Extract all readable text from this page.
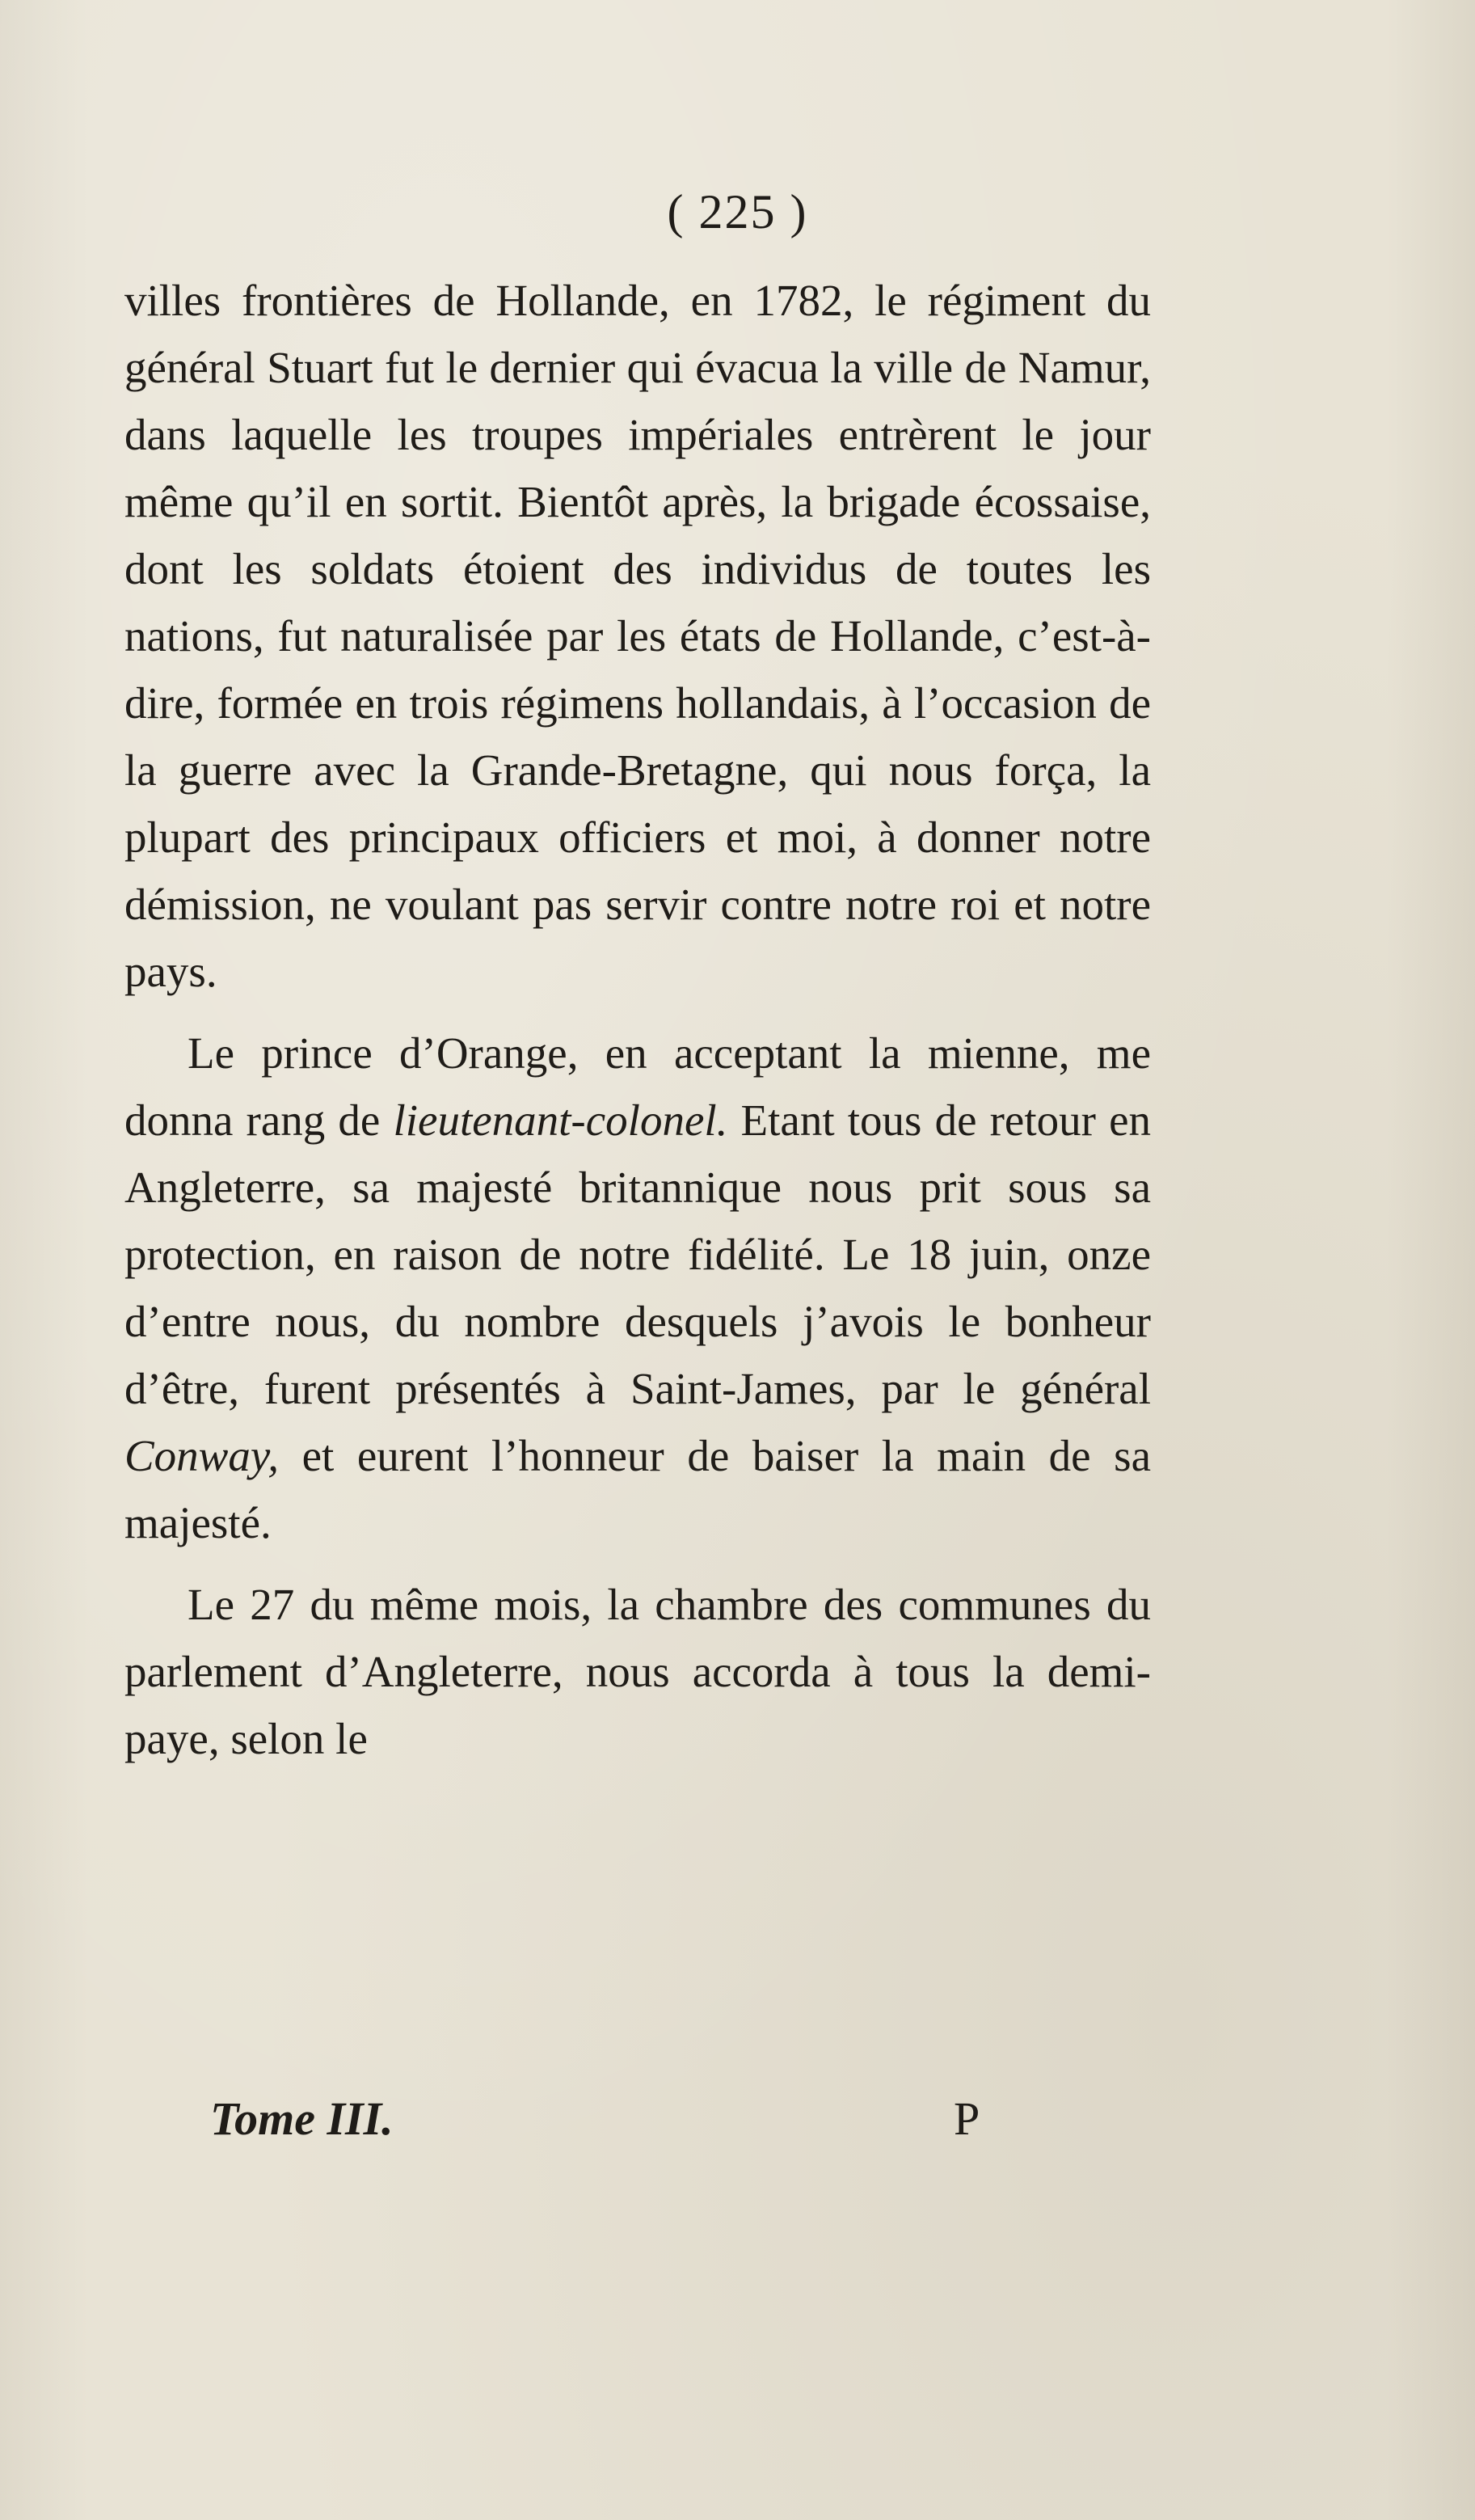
( 225 )

villes frontières de Hollande, en 1782, le régiment du général Stuart fut le dernier qui évacua la ville de Namur, dans laquelle les troupes impériales entrèrent le jour même qu’il en sortit. Bientôt après, la brigade écossaise, dont les soldats étoient des individus de toutes les nations, fut naturalisée par les états de Hollande, c’est-à-dire, formée en trois régimens hollandais, à l’occasion de la guerre avec la Grande-Bretagne, qui nous força, la plupart des principaux officiers et moi, à donner notre démission, ne voulant pas servir contre notre roi et notre pays.

Le prince d’Orange, en acceptant la mienne, me donna rang de lieutenant-colonel. Etant tous de retour en Angleterre, sa majesté britannique nous prit sous sa protection, en raison de notre fidélité. Le 18 juin, onze d’entre nous, du nombre desquels j’avois le bonheur d’être, furent présentés à Saint-James, par le général Conway, et eurent l’honneur de baiser la main de sa majesté.

Le 27 du même mois, la chambre des communes du parlement d’Angleterre, nous accorda à tous la demi-paye, selon le

Tome III.	P
